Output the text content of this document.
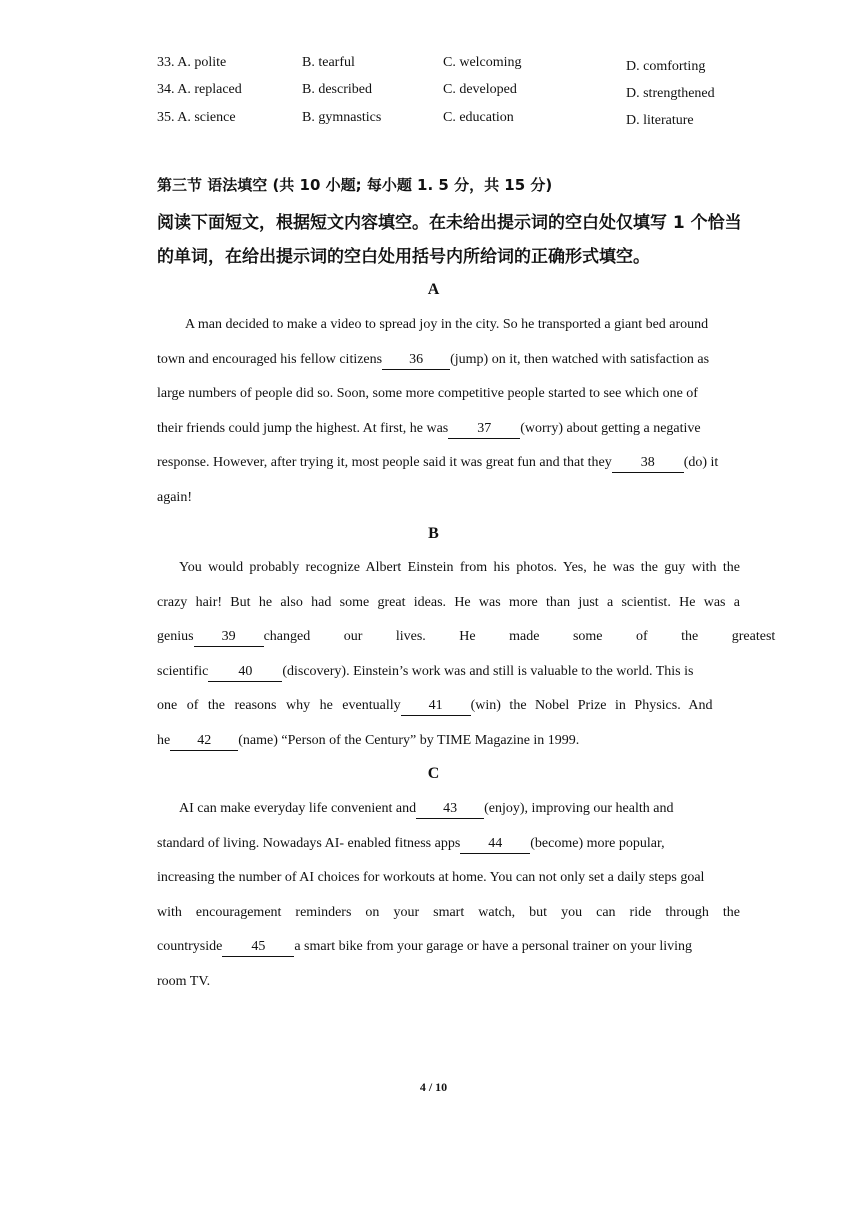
33. A. polite	B. tearful	C. welcoming	D. comforting
34. A. replaced	B. described	C. developed	D. strengthened
35. A. science	B. gymnastics	C. education	D. literature
第三节 语法填空 (共 10 小题; 每小题 1. 5 分，共 15 分)
阅读下面短文，根据短文内容填空。在未给出提示词的空白处仅填写 1 个恰当
的单词，在给出提示词的空白处用括号内所给词的正确形式填空。
A
A man decided to make a video to spread joy in the city. So he transported a giant bed around
town and encouraged his fellow citizens 36 (jump) on it, then watched with satisfaction as
large numbers of people did so. Soon, some more competitive people started to see which one of
their friends could jump the highest. At first, he was 37 (worry) about getting a negative
response. However, after trying it, most people said it was great fun and that they 38 (do) it
again!
B
You would probably recognize Albert Einstein from his photos. Yes, he was the guy with the
crazy hair! But he also had some great ideas. He was more than just a scientist. He was a
genius 39 changed our lives. He made some of the greatest
scientific 40 (discovery). Einstein’s work was and still is valuable to the world. This is
one of the reasons why he eventually 41 (win) the Nobel Prize in Physics. And
he 42 (name) “Person of the Century” by TIME Magazine in 1999.
C
AI can make everyday life convenient and 43 (enjoy), improving our health and
standard of living. Nowadays AI- enabled fitness apps 44 (become) more popular,
increasing the number of AI choices for workouts at home. You can not only set a daily steps goal
with encouragement reminders on your smart watch, but you can ride through the
countryside 45 a smart bike from your garage or have a personal trainer on your living
room TV.
4 / 10
